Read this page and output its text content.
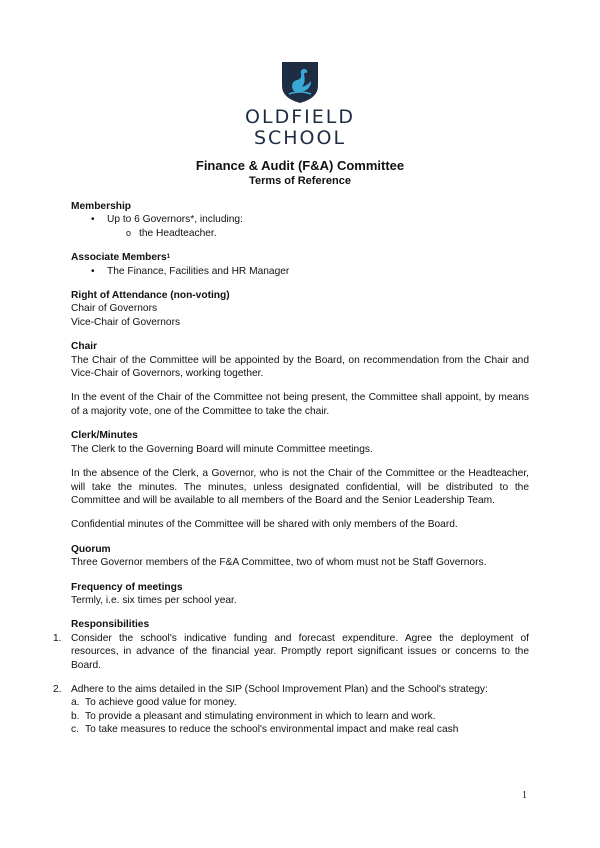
OLDFIELD
SCHOOL
Finance & Audit (F&A) Committee
Terms of Reference

Membership

• Up to 6 Governors*, including:
o the Headteacher.

Associate Members$^1$

• The Finance, Facilities and HR Manager

Right of Attendance (non-voting)

Chair of Governors

Vice-Chair of Governors

Chair

The Chair of the Committee will be appointed by the Board, on recommendation from the Chair and Vice-Chair of Governors, working together.

In the event of the Chair of the Committee not being present, the Committee shall appoint, by means of a majority vote, one of the Committee to take the chair.

Clerk/Minutes

The Clerk to the Governing Board will minute Committee meetings.

In the absence of the Clerk, a Governor, who is not the Chair of the Committee or the Headteacher, will take the minutes. The minutes, unless designated confidential, will be distributed to the Committee and will be available to all members of the Board and the Senior Leadership Team.

Confidential minutes of the Committee will be shared with only members of the Board.

Quorum

Three Governor members of the F&A Committee, two of whom must not be Staff Governors.

Frequency of meetings

Termly, i.e. six times per school year.

Responsibilities

1. Consider the school's indicative funding and forecast expenditure. Agree the deployment of resources, in advance of the financial year. Promptly report significant issues or concerns to the Board.
2. Adhere to the aims detailed in the SIP (School Improvement Plan) and the School's strategy:
a. To achieve good value for money.
b. To provide a pleasant and stimulating environment in which to learn and work.
c. To take measures to reduce the school's environmental impact and make real cash
1
